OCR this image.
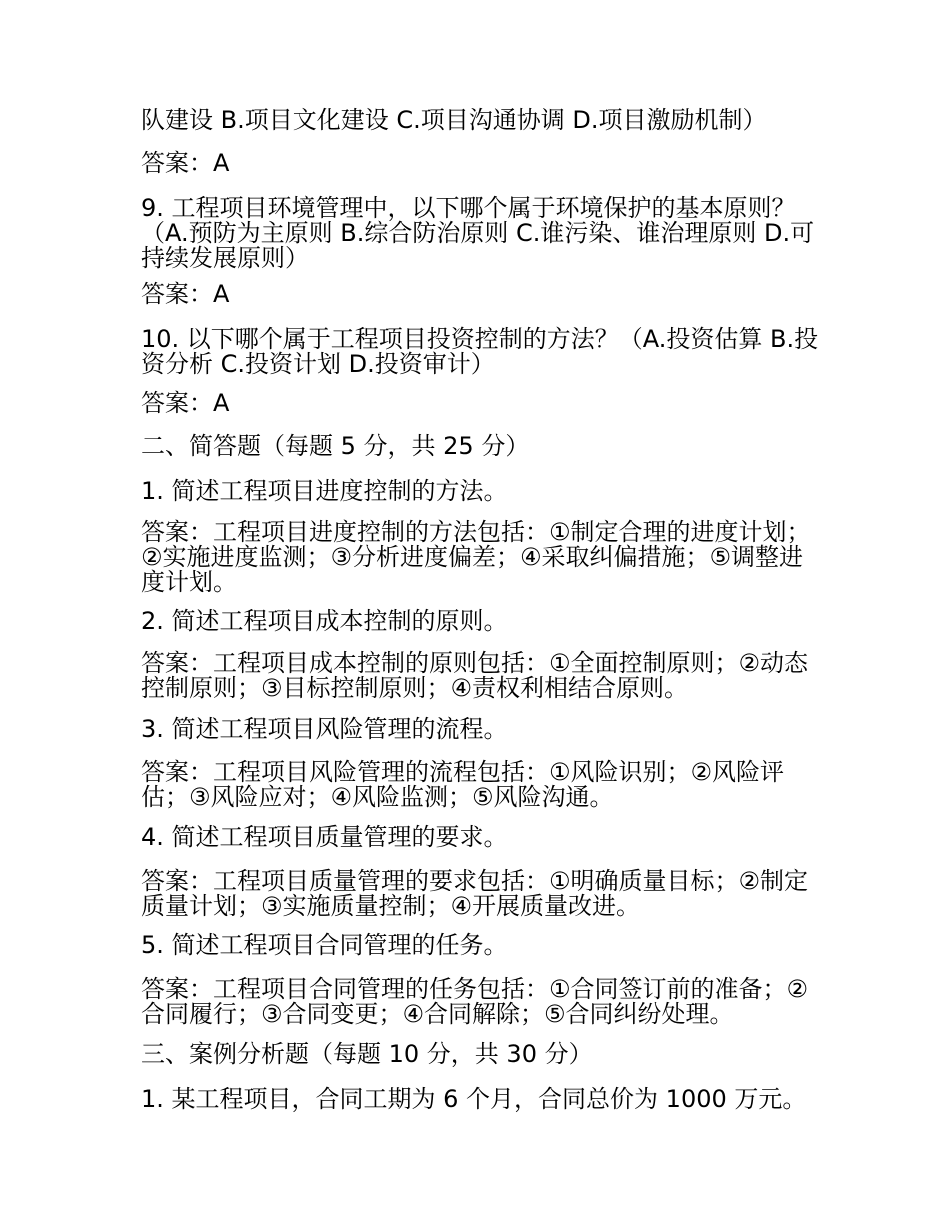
队建设 B.项目文化建设 C.项目沟通协调 D.项目激励机制）

答案：A

9. 工程项目环境管理中，以下哪个属于环境保护的基本原则？（A.预防为主原则 B.综合防治原则 C.谁污染、谁治理原则 D.可持续发展原则）

答案：A

10. 以下哪个属于工程项目投资控制的方法？（A.投资估算 B.投资分析 C.投资计划 D.投资审计）

答案：A

二、简答题（每题 5 分，共 25 分）

1. 简述工程项目进度控制的方法。

答案：工程项目进度控制的方法包括：①制定合理的进度计划；②实施进度监测；③分析进度偏差；④采取纠偏措施；⑤调整进度计划。

2. 简述工程项目成本控制的原则。

答案：工程项目成本控制的原则包括：①全面控制原则；②动态控制原则；③目标控制原则；④责权利相结合原则。

3. 简述工程项目风险管理的流程。

答案：工程项目风险管理的流程包括：①风险识别；②风险评估；③风险应对；④风险监测；⑤风险沟通。

4. 简述工程项目质量管理的要求。

答案：工程项目质量管理的要求包括：①明确质量目标；②制定质量计划；③实施质量控制；④开展质量改进。

5. 简述工程项目合同管理的任务。

答案：工程项目合同管理的任务包括：①合同签订前的准备；②合同履行；③合同变更；④合同解除；⑤合同纠纷处理。

三、案例分析题（每题 10 分，共 30 分）

1. 某工程项目，合同工期为 6 个月，合同总价为 1000 万元。
